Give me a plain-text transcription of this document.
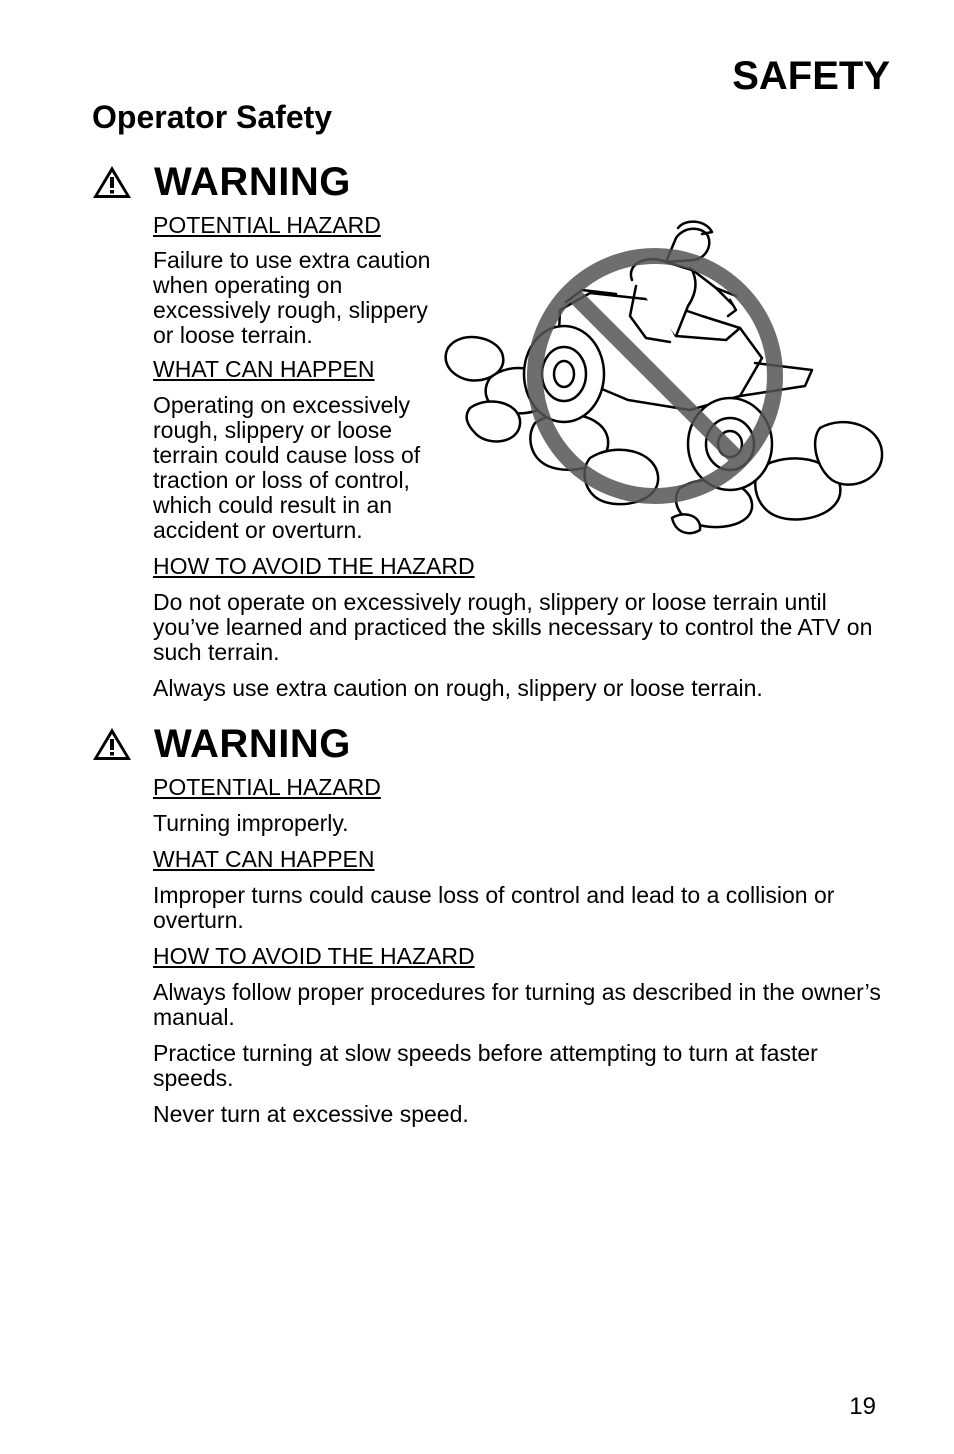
SAFETY
Operator Safety
WARNING

POTENTIAL HAZARD

Failure to use extra caution when operating on excessively rough, slippery or loose terrain.

WHAT CAN HAPPEN

Operating on excessively rough, slippery or loose terrain could cause loss of traction or loss of control, which could result in an accident or overturn.

HOW TO AVOID THE HAZARD

Do not operate on excessively rough, slippery or loose terrain until you’ve learned and practiced the skills necessary to control the ATV on such terrain.

Always use extra caution on rough, slippery or loose terrain.

WARNING

POTENTIAL HAZARD

Turning improperly.

WHAT CAN HAPPEN

Improper turns could cause loss of control and lead to a collision or overturn.

HOW TO AVOID THE HAZARD

Always follow proper procedures for turning as described in the owner’s manual.

Practice turning at slow speeds before attempting to turn at faster speeds.

Never turn at excessive speed.

19
